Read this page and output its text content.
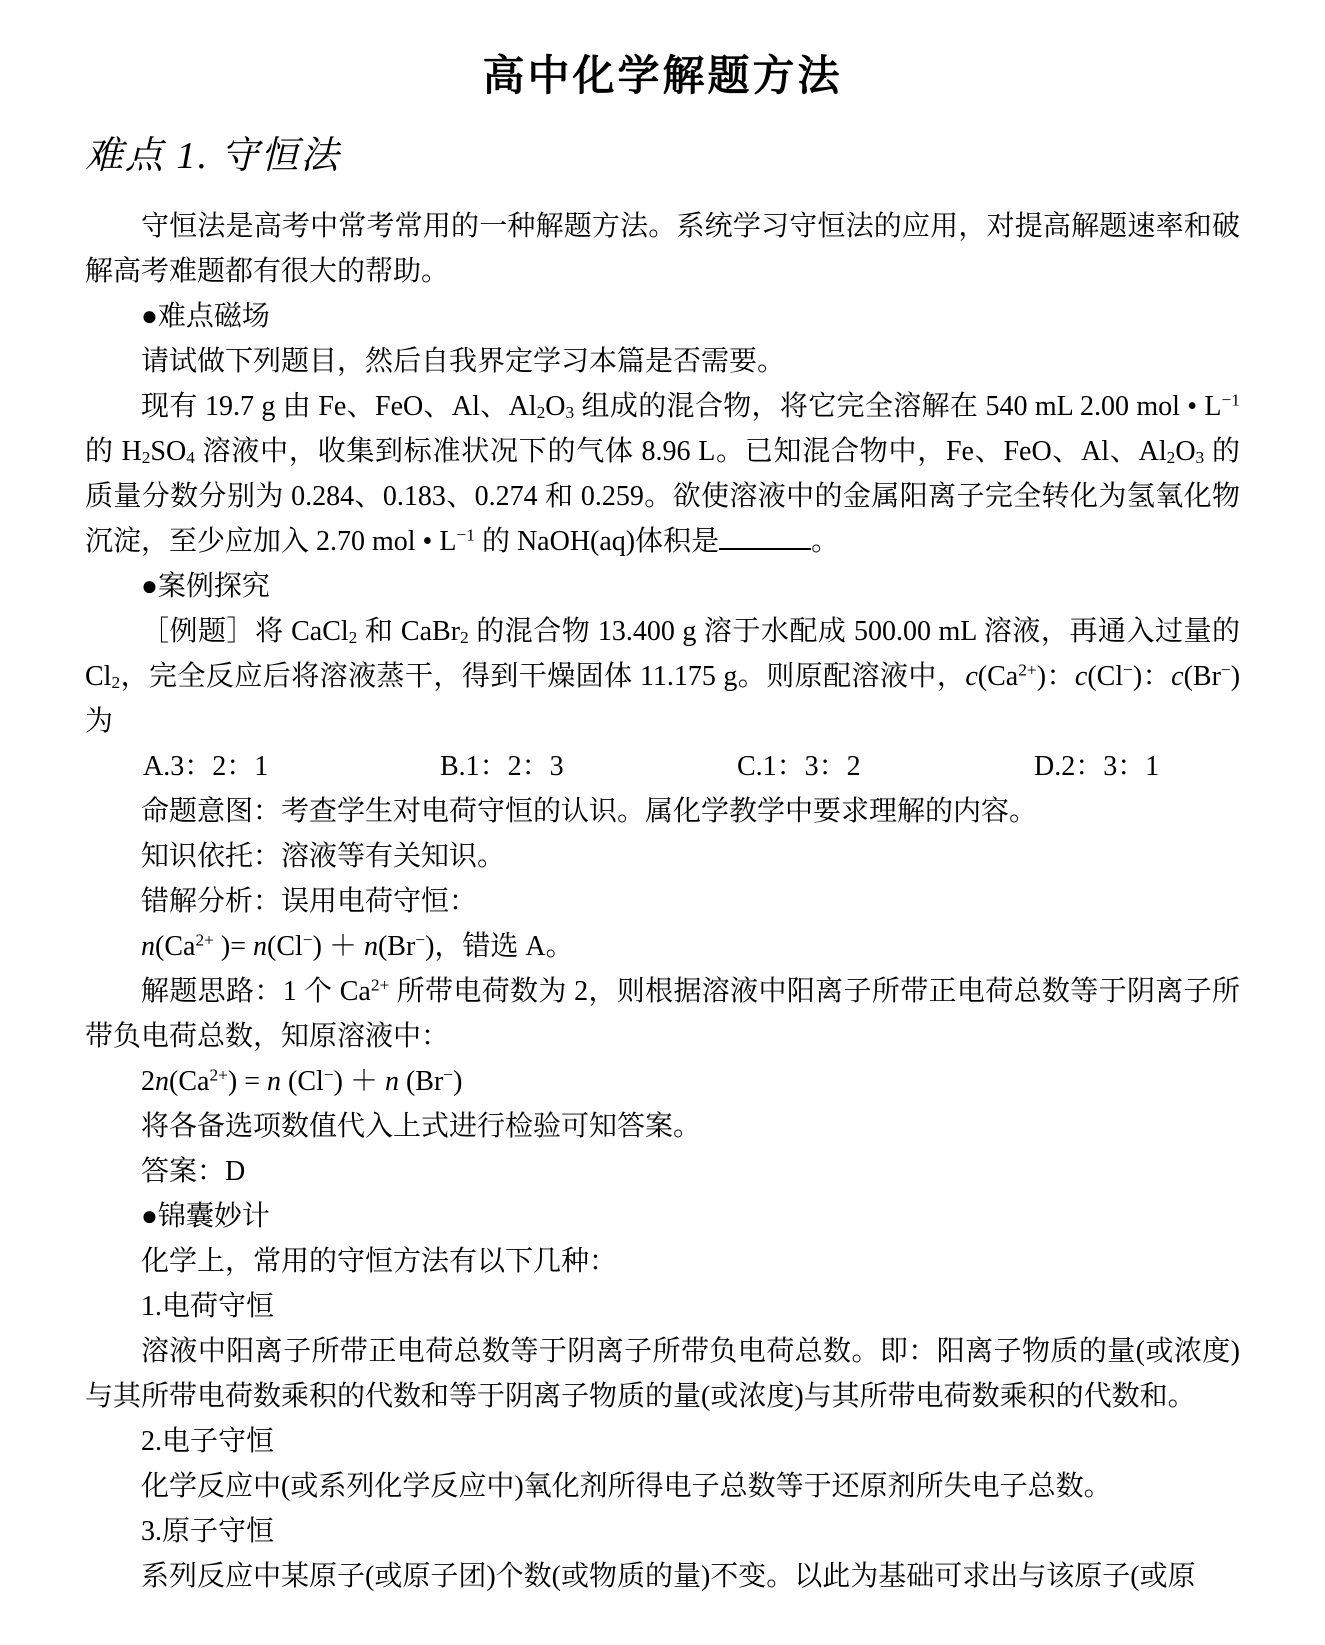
高中化学解题方法
难点 1. 守恒法

守恒法是高考中常考常用的一种解题方法。系统学习守恒法的应用，对提高解题速率和破解高考难题都有很大的帮助。

●难点磁场

请试做下列题目，然后自我界定学习本篇是否需要。

现有 19.7 g 由 Fe、FeO、Al、$Al_2O_3$ 组成的混合物，将它完全溶解在 540 mL 2.00 mol • $L^{-1}$ 的 $H_2SO_4$ 溶液中，收集到标准状况下的气体 8.96 L。已知混合物中，Fe、FeO、Al、$Al_2O_3$ 的质量分数分别为 0.284、0.183、0.274 和 0.259。欲使溶液中的金属阳离子完全转化为氢氧化物沉淀，至少应加入 2.70 mol • $L^{-1}$ 的 NaOH(aq)体积是	。

●案例探究

［例题］将 CaCl$_2$ 和 CaBr$_2$ 的混合物 13.400 g 溶于水配成 500.00 mL 溶液，再通入过量的 $Cl_2$，完全反应后将溶液蒸干，得到干燥固体 11.175 g。则原配溶液中，$c(Ca^{2+})$：c(Cl−)：c(Br−)为

A.3：2：1	B.1：2：3	C.1：3：2	D.2：3：1

命题意图：考查学生对电荷守恒的认识。属化学教学中要求理解的内容。

知识依托：溶液等有关知识。

错解分析：误用电荷守恒：

$n(Ca^{2+}$ )= n(Cl−) ＋ n(Br−)，错选 A。

解题思路：1 个 $Ca^{2+}$ 所带电荷数为 2，则根据溶液中阳离子所带正电荷总数等于阴离子所带负电荷总数，知原溶液中：

$2n(Ca^{2+}) = n$ (Cl−) ＋ n (Br−)

将各备选项数值代入上式进行检验可知答案。

答案：D

●锦囊妙计

化学上，常用的守恒方法有以下几种：

1.电荷守恒

溶液中阳离子所带正电荷总数等于阴离子所带负电荷总数。即：阳离子物质的量(或浓度)与其所带电荷数乘积的代数和等于阴离子物质的量(或浓度)与其所带电荷数乘积的代数和。

2.电子守恒

化学反应中(或系列化学反应中)氧化剂所得电子总数等于还原剂所失电子总数。

3.原子守恒

系列反应中某原子(或原子团)个数(或物质的量)不变。以此为基础可求出与该原子(或原
